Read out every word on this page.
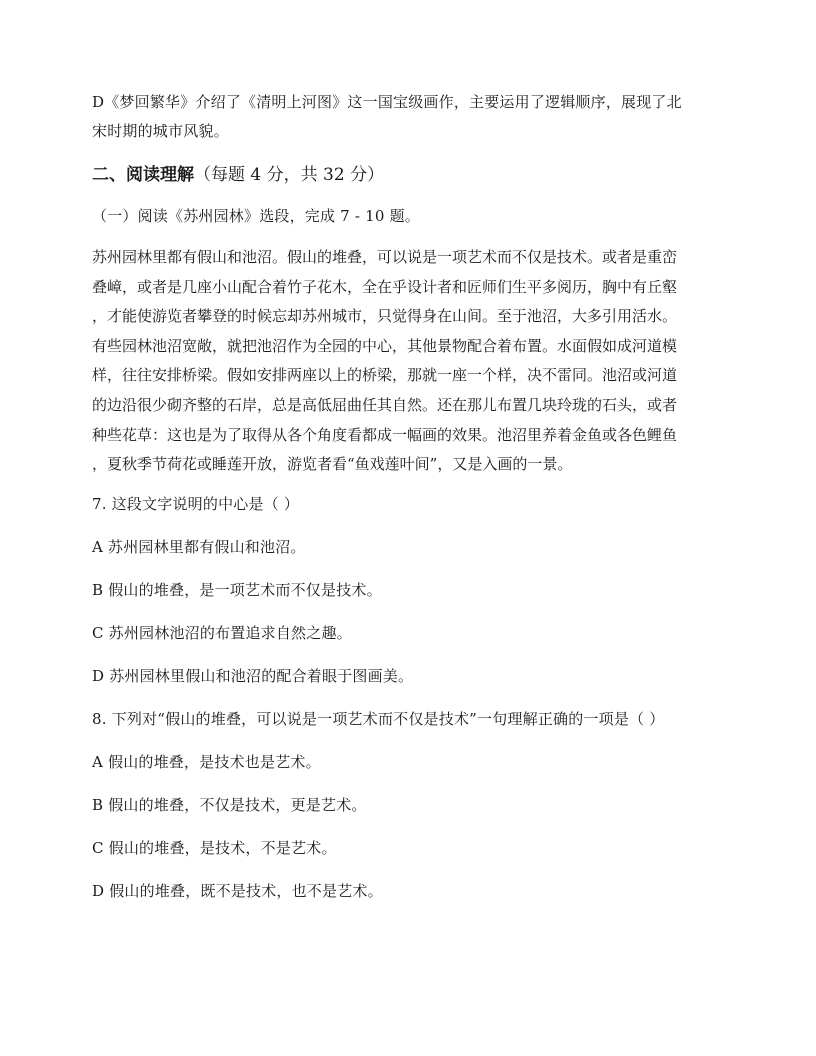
D《梦回繁华》介绍了《清明上河图》这一国宝级画作，主要运用了逻辑顺序，展现了北

宋时期的城市风貌。

二、阅读理解（每题 4 分，共 32 分）

（一）阅读《苏州园林》选段，完成 7 - 10 题。

苏州园林里都有假山和池沼。假山的堆叠，可以说是一项艺术而不仅是技术。或者是重峦
叠嶂，或者是几座小山配合着竹子花木，全在乎设计者和匠师们生平多阅历，胸中有丘壑
，才能使游览者攀登的时候忘却苏州城市，只觉得身在山间。至于池沼，大多引用活水。
有些园林池沼宽敞，就把池沼作为全园的中心，其他景物配合着布置。水面假如成河道模
样，往往安排桥梁。假如安排两座以上的桥梁，那就一座一个样，决不雷同。池沼或河道
的边沿很少砌齐整的石岸，总是高低屈曲任其自然。还在那儿布置几块玲珑的石头，或者
种些花草：这也是为了取得从各个角度看都成一幅画的效果。池沼里养着金鱼或各色鲤鱼
，夏秋季节荷花或睡莲开放，游览者看“鱼戏莲叶间”，又是入画的一景。

7. 这段文字说明的中心是（ ）

A 苏州园林里都有假山和池沼。

B 假山的堆叠，是一项艺术而不仅是技术。

C 苏州园林池沼的布置追求自然之趣。

D 苏州园林里假山和池沼的配合着眼于图画美。

8. 下列对“假山的堆叠，可以说是一项艺术而不仅是技术”一句理解正确的一项是（ ）

A 假山的堆叠，是技术也是艺术。

B 假山的堆叠，不仅是技术，更是艺术。

C 假山的堆叠，是技术，不是艺术。

D 假山的堆叠，既不是技术，也不是艺术。
